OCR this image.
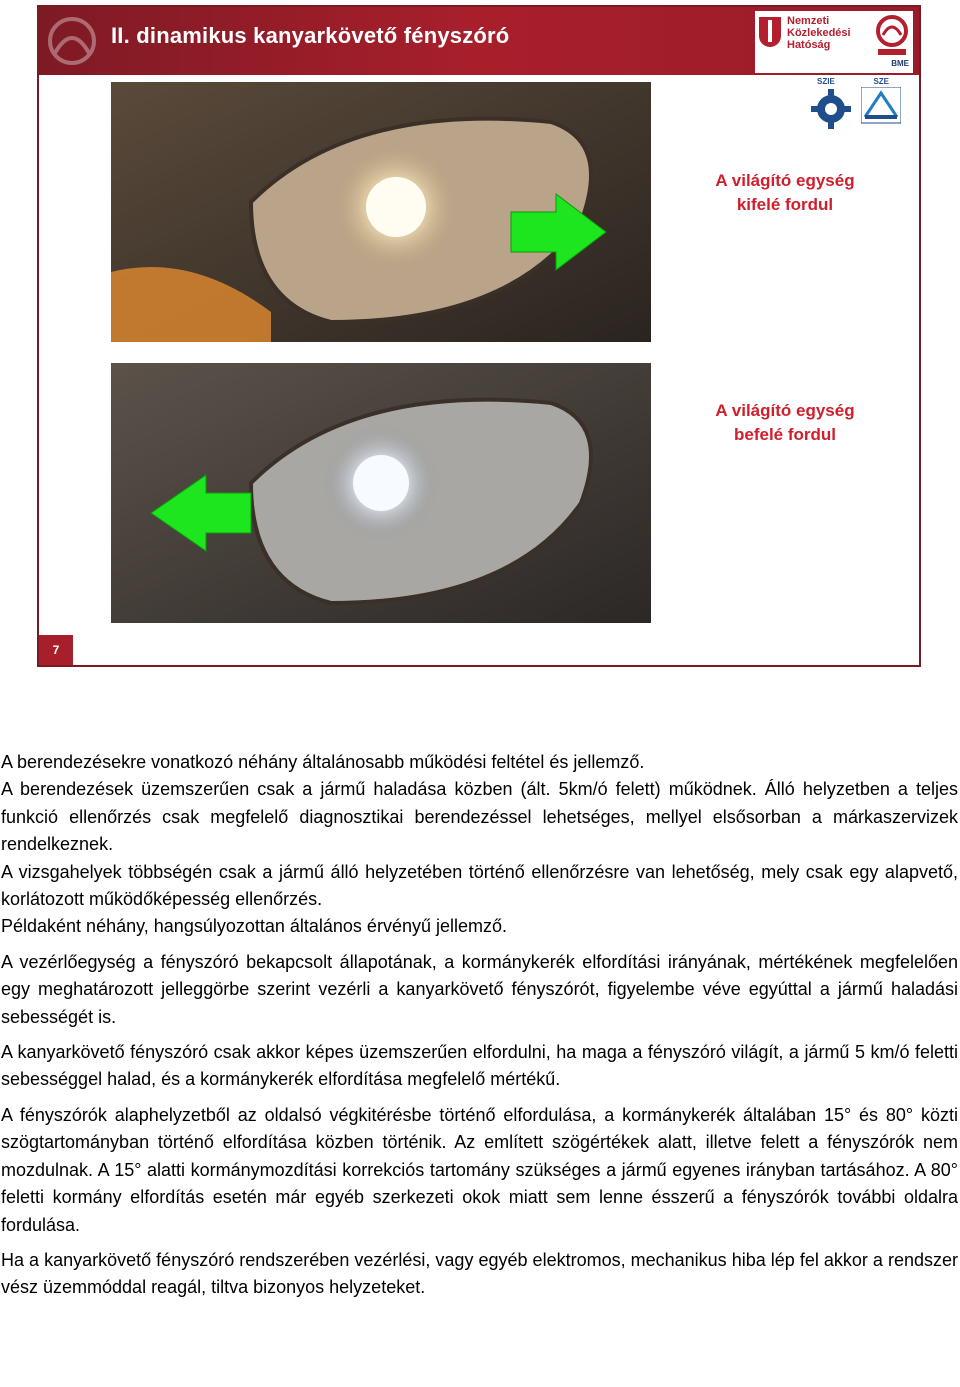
II. dinamikus kanyarkövető fényszóró
Nemzeti
Közlekedési
Hatóság
BME
SZIE	SZE
A világító egység
kifelé fordul
A világító egység
befelé fordul
7

A berendezésekre vonatkozó néhány általánosabb működési feltétel és jellemző.

A berendezések üzemszerűen csak a jármű haladása közben (ált. 5km/ó felett) működnek. Álló helyzetben a teljes funkció ellenőrzés csak megfelelő diagnosztikai berendezéssel lehetséges, mellyel elsősorban a márkaszervizek rendelkeznek.

A vizsgahelyek többségén csak a jármű álló helyzetében történő ellenőrzésre van lehetőség, mely csak egy alapvető, korlátozott működőképesség ellenőrzés.

Példaként néhány, hangsúlyozottan általános érvényű jellemző.

A vezérlőegység a fényszóró bekapcsolt állapotának, a kormánykerék elfordítási irányának, mértékének megfelelően egy meghatározott jelleggörbe szerint vezérli a kanyarkövető fényszórót, figyelembe véve egyúttal a jármű haladási sebességét is.

A kanyarkövető fényszóró csak akkor képes üzemszerűen elfordulni, ha maga a fényszóró világít, a jármű 5 km/ó feletti sebességgel halad, és a kormánykerék elfordítása megfelelő mértékű.

A fényszórók alaphelyzetből az oldalsó végkitérésbe történő elfordulása, a kormánykerék általában 15° és 80° közti szögtartományban történő elfordítása közben történik. Az említett szögértékek alatt, illetve felett a fényszórók nem mozdulnak. A 15° alatti kormánymozdítási korrekciós tartomány szükséges a jármű egyenes irányban tartásához. A 80° feletti kormány elfordítás esetén már egyéb szerkezeti okok miatt sem lenne ésszerű a fényszórók további oldalra fordulása.

Ha a kanyarkövető fényszóró rendszerében vezérlési, vagy egyéb elektromos, mechanikus hiba lép fel akkor a rendszer vész üzemmóddal reagál, tiltva bizonyos helyzeteket.
